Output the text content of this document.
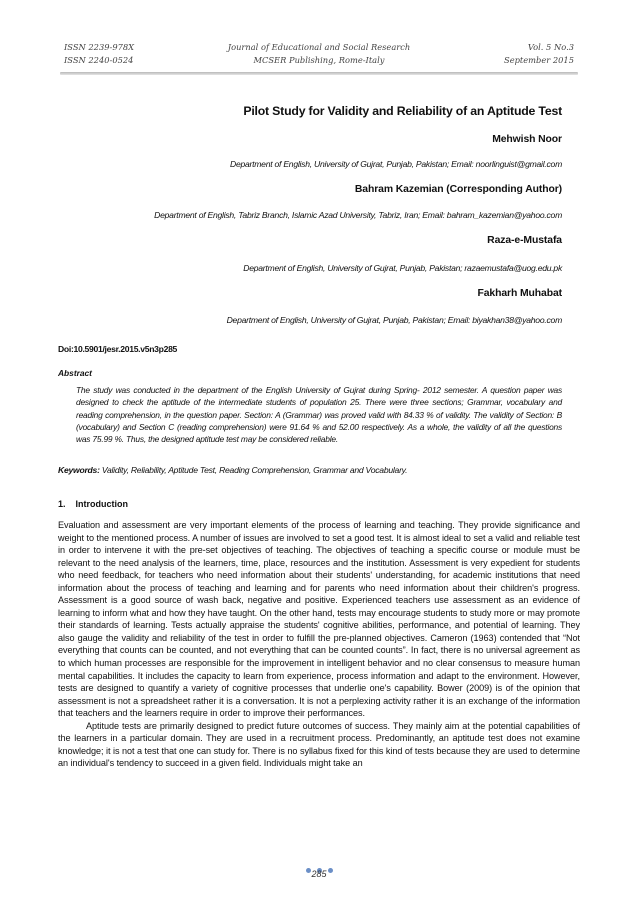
ISSN 2239-978X
ISSN 2240-0524
Journal of Educational and Social Research
MCSER Publishing, Rome-Italy
Vol. 5 No.3
September 2015
Pilot Study for Validity and Reliability of an Aptitude Test
Mehwish Noor
Department of English, University of Gujrat, Punjab, Pakistan; Email: noorlinguist@gmail.com
Bahram Kazemian (Corresponding Author)
Department of English, Tabriz Branch, Islamic Azad University, Tabriz, Iran; Email: bahram_kazemian@yahoo.com
Raza-e-Mustafa
Department of English, University of Gujrat, Punjab, Pakistan; razaemustafa@uog.edu.pk
Fakharh Muhabat
Department of English, University of Gujrat, Punjab, Pakistan; Email: biyakhan38@yahoo.com
Doi:10.5901/jesr.2015.v5n3p285
Abstract
The study was conducted in the department of the English University of Gujrat during Spring- 2012 semester. A question paper was designed to check the aptitude of the intermediate students of population 25. There were three sections; Grammar, vocabulary and reading comprehension, in the question paper. Section: A (Grammar) was proved valid with 84.33 % of validity. The validity of Section: B (vocabulary) and Section C (reading comprehension) were 91.64 % and 52.00 respectively. As a whole, the validity of all the questions was 75.99 %. Thus, the designed aptitude test may be considered reliable.
Keywords: Validity, Reliability, Aptitude Test, Reading Comprehension, Grammar and Vocabulary.
1.    Introduction

Evaluation and assessment are very important elements of the process of learning and teaching. They provide significance and weight to the mentioned process. A number of issues are involved to set a good test. It is almost ideal to set a valid and reliable test in order to intervene it with the pre-set objectives of teaching. The objectives of teaching a specific course or module must be relevant to the need analysis of the learners, time, place, resources and the institution. Assessment is very expedient for students who need feedback, for teachers who need information about their students' understanding, for academic institutions that need information about the process of teaching and learning and for parents who need information about their children's progress. Assessment is a good source of wash back, negative and positive. Experienced teachers use assessment as an evidence of learning to inform what and how they have taught. On the other hand, tests may encourage students to study more or may promote their standards of learning. Tests actually appraise the students' cognitive abilities, performance, and potential of learning. They also gauge the validity and reliability of the test in order to fulfill the pre-planned objectives. Cameron (1963) contended that “Not everything that counts can be counted, and not everything that can be counted counts”. In fact, there is no universal agreement as to which human processes are responsible for the improvement in intelligent behavior and no clear consensus to measure human mental capabilities. It includes the capacity to learn from experience, process information and adapt to the environment. However, tests are designed to quantify a variety of cognitive processes that underlie one's capability. Bower (2009) is of the opinion that assessment is not a spreadsheet rather it is a conversation. It is not a perplexing activity rather it is an exchange of the information that teachers and the learners require in order to improve their performances.

Aptitude tests are primarily designed to predict future outcomes of success. They mainly aim at the potential capabilities of the learners in a particular domain. They are used in a recruitment process. Predominantly, an aptitude test does not examine knowledge; it is not a test that one can study for. There is no syllabus fixed for this kind of tests because they are used to determine an individual's tendency to succeed in a given field. Individuals might take an

285
